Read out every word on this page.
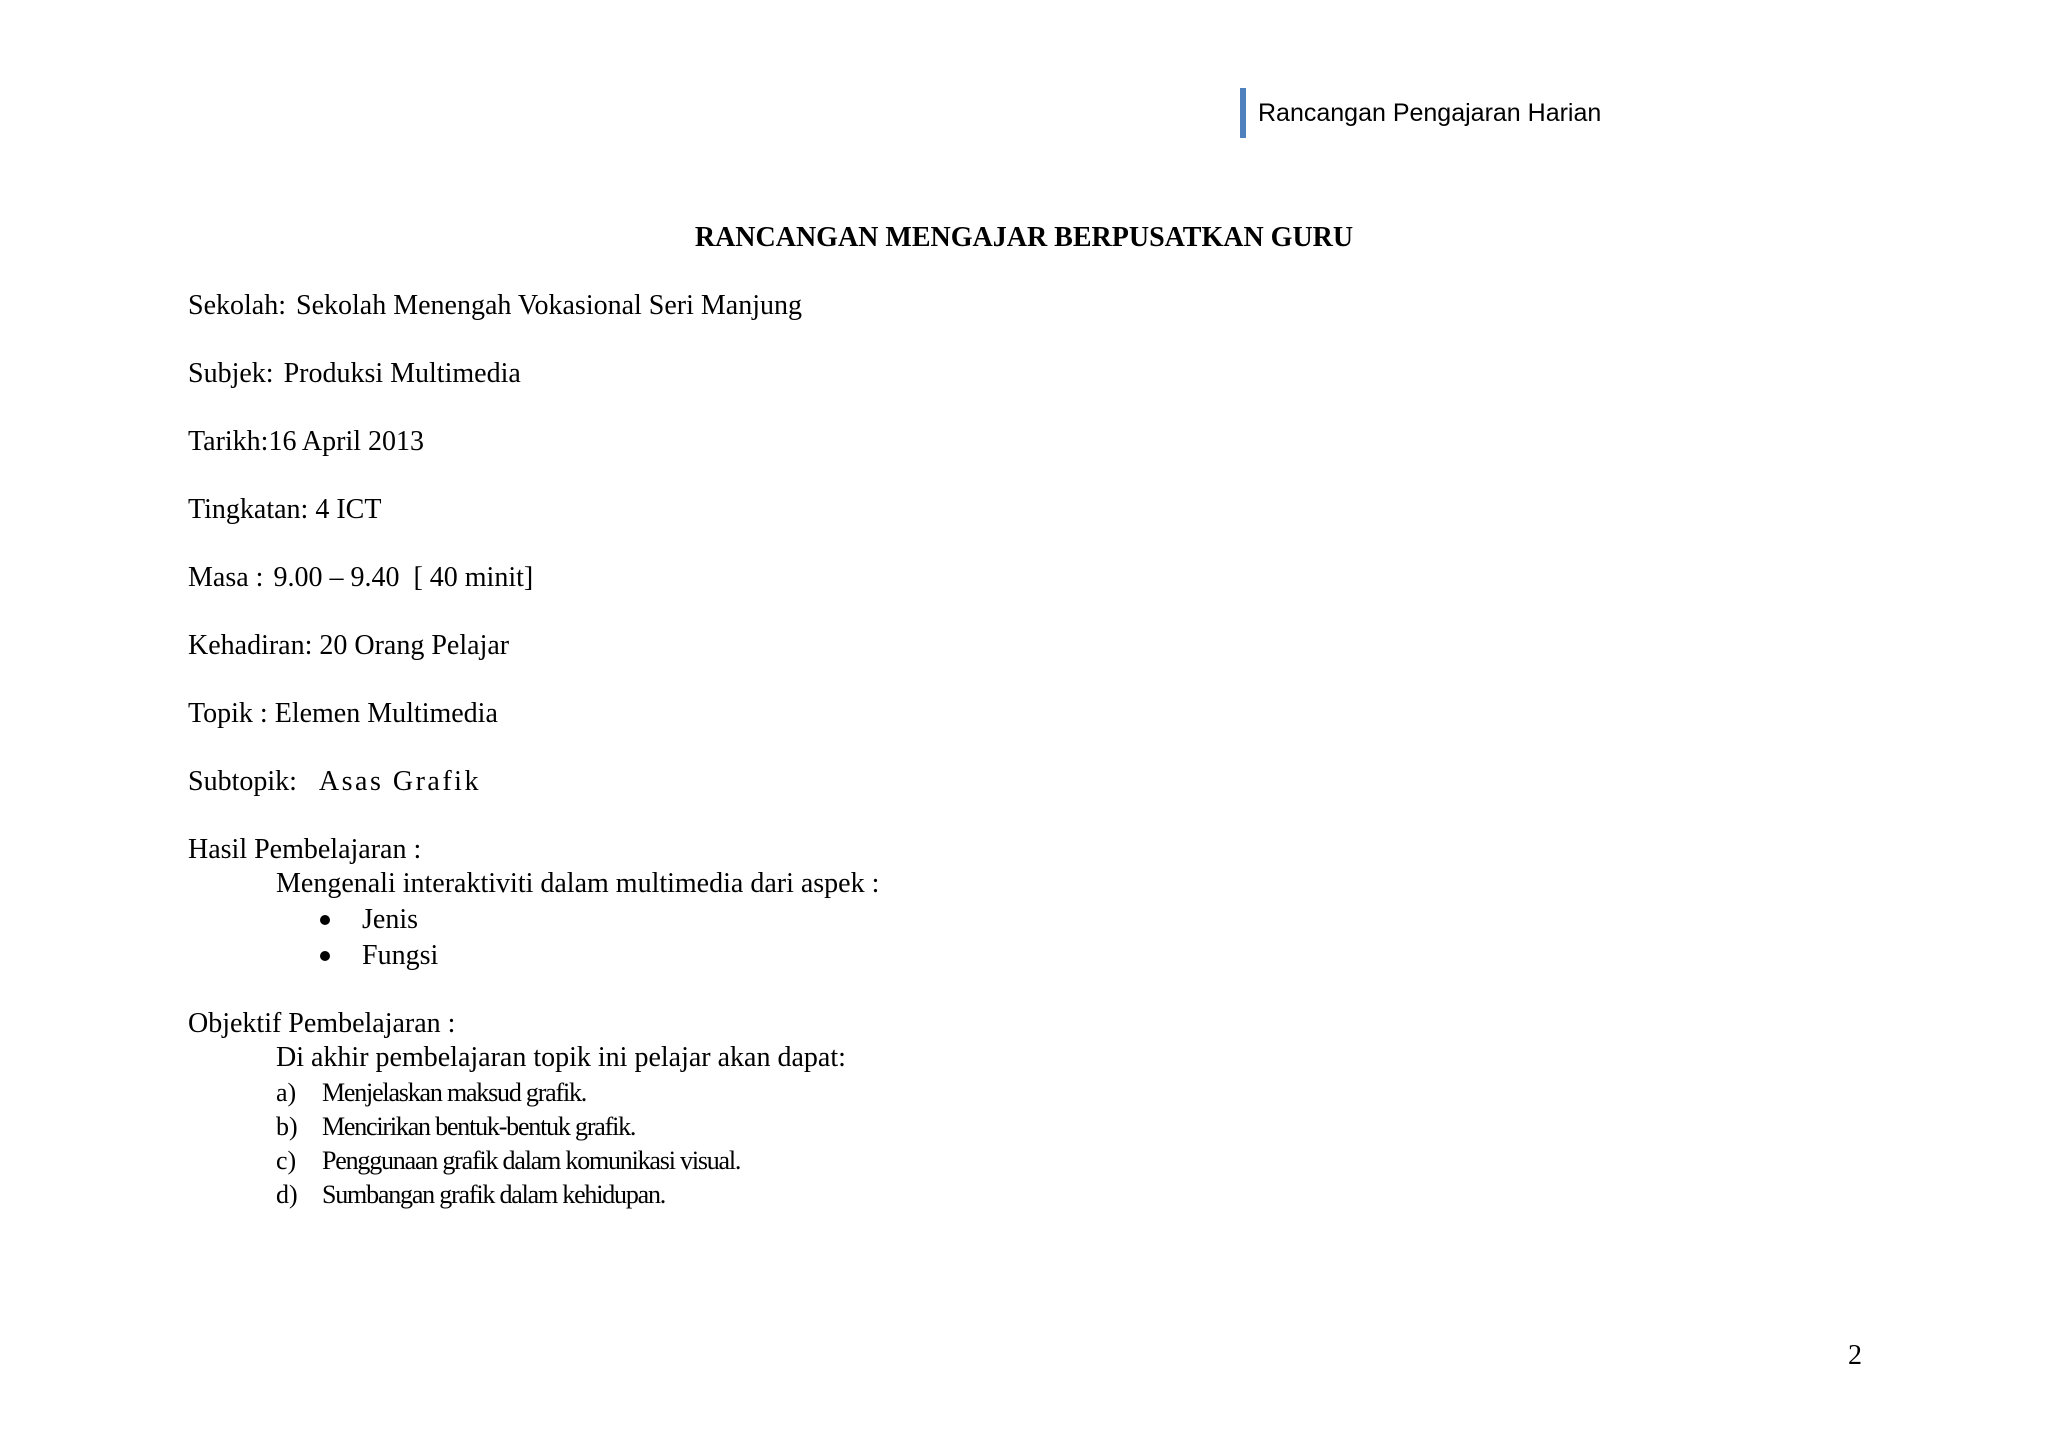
Rancangan Pengajaran Harian
RANCANGAN MENGAJAR BERPUSATKAN GURU
Sekolah: Sekolah Menengah Vokasional Seri Manjung
Subjek: Produksi Multimedia
Tarikh:16 April 2013
Tingkatan: 4 ICT
Masa : 9.00 – 9.40  [ 40 minit]
Kehadiran: 20 Orang Pelajar
Topik : Elemen Multimedia
Subtopik: Asas Grafik
Hasil Pembelajaran :
Mengenali interaktiviti dalam multimedia dari aspek :
Jenis
Fungsi
Objektif Pembelajaran :
Di akhir pembelajaran topik ini pelajar akan dapat:
a) Menjelaskan maksud grafik.
b) Mencirikan bentuk-bentuk grafik.
c) Penggunaan grafik dalam komunikasi visual.
d) Sumbangan grafik dalam kehidupan.
2
